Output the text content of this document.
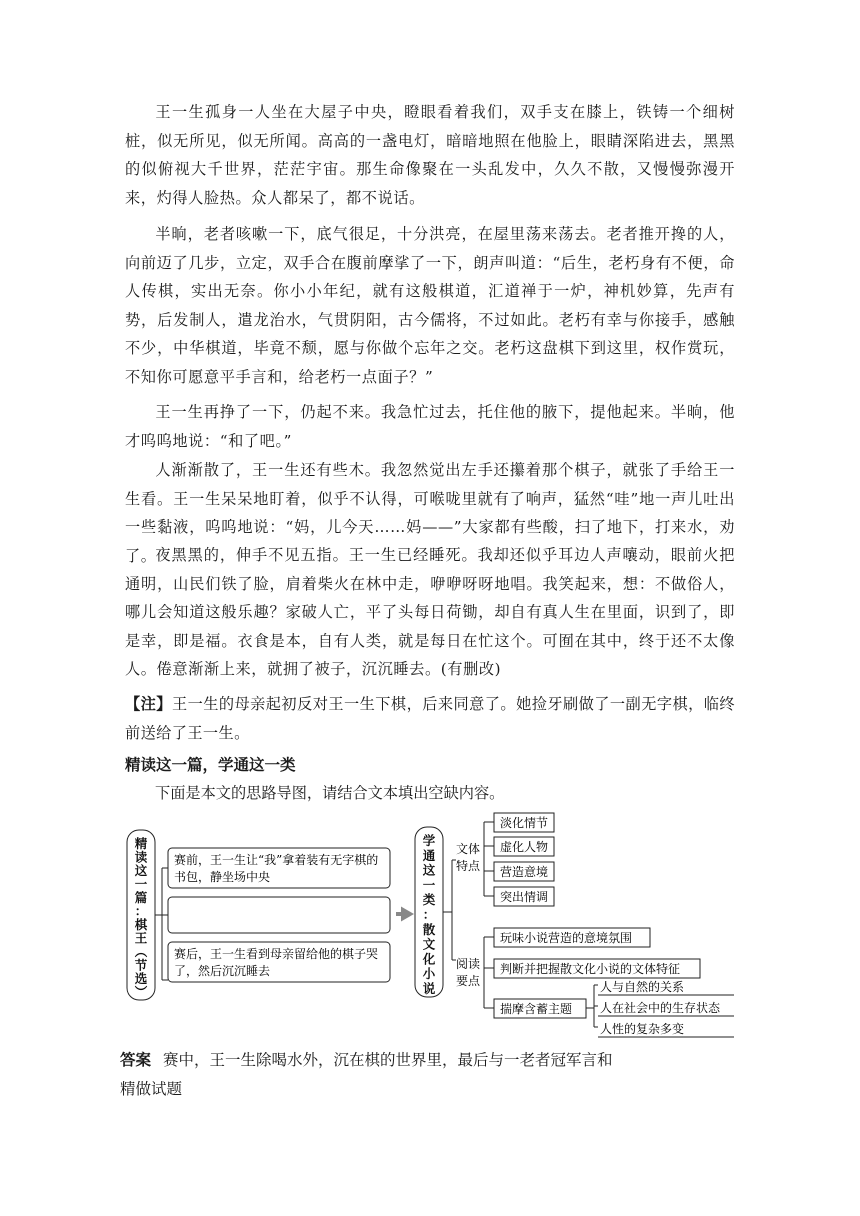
王一生孤身一人坐在大屋子中央，瞪眼看着我们，双手支在膝上，铁铸一个细树桩，似无所见，似无所闻。高高的一盏电灯，暗暗地照在他脸上，眼睛深陷进去，黑黑的似俯视大千世界，茫茫宇宙。那生命像聚在一头乱发中，久久不散，又慢慢弥漫开来，灼得人脸热。众人都呆了，都不说话。

半晌，老者咳嗽一下，底气很足，十分洪亮，在屋里荡来荡去。老者推开搀的人，向前迈了几步，立定，双手合在腹前摩挲了一下，朗声叫道：“后生，老朽身有不便，命人传棋，实出无奈。你小小年纪，就有这般棋道，汇道禅于一炉，神机妙算，先声有势，后发制人，遣龙治水，气贯阴阳，古今儒将，不过如此。老朽有幸与你接手，感触不少，中华棋道，毕竟不颓，愿与你做个忘年之交。老朽这盘棋下到这里，权作赏玩，不知你可愿意平手言和，给老朽一点面子？”

王一生再挣了一下，仍起不来。我急忙过去，托住他的腋下，提他起来。半晌，他才呜呜地说：“和了吧。”

人渐渐散了，王一生还有些木。我忽然觉出左手还攥着那个棋子，就张了手给王一生看。王一生呆呆地盯着，似乎不认得，可喉咙里就有了响声，猛然“哇”地一声儿吐出一些黏液，呜呜地说：“妈，儿今天……妈——”大家都有些酸，扫了地下，打来水，劝了。

夜黑黑的，伸手不见五指。王一生已经睡死。我却还似乎耳边人声嚷动，眼前火把通明，山民们铁了脸，肩着柴火在林中走，咿咿呀呀地唱。我笑起来，想：不做俗人，哪儿会知道这般乐趣？家破人亡，平了头每日荷锄，却自有真人生在里面，识到了，即是幸，即是福。衣食是本，自有人类，就是每日在忙这个。可囿在其中，终于还不太像人。倦意渐渐上来，就拥了被子，沉沉睡去。(有删改)

【注】王一生的母亲起初反对王一生下棋，后来同意了。她捡牙刷做了一副无字棋，临终前送给了王一生。

精读这一篇，学通这一类

下面是本文的思路导图，请结合文本填出空缺内容。

精
读
这
一
篇
：
棋
王
︵
节
选
︶
学
通
这
一
类
：
散
文
化
小
说
赛前，王一生让“我”拿着装有无字棋的
书包，静坐场中央
赛后，王一生看到母亲留给他的棋子哭
了，然后沉沉睡去
文体
特点
淡化情节
虚化人物
营造意境
突出情调
阅读
要点
玩味小说营造的意境氛围
判断并把握散文化小说的文体特征
揣摩含蓄主题
人与自然的关系
人在社会中的生存状态
人性的复杂多变

答案 赛中，王一生除喝水外，沉在棋的世界里，最后与一老者冠军言和

精做试题
